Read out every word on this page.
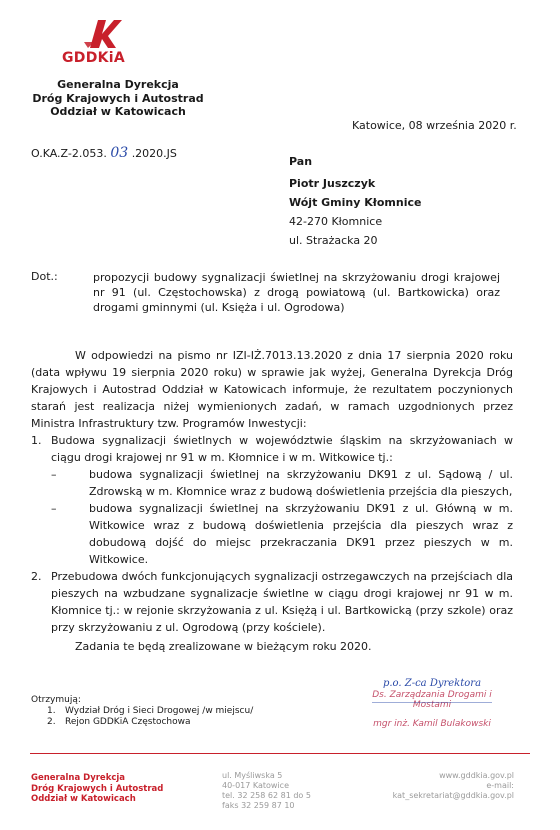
GDDKiA
Generalna Dyrekcja
Dróg Krajowych i Autostrad
Oddział w Katowicach
O.KA.Z-2.053. 03 .2020.JS
Katowice, 08 września 2020 r.
Pan
Piotr Juszczyk
Wójt Gminy Kłomnice
42-270 Kłomnice
ul. Strażacka 20
Dot.:	propozycji budowy sygnalizacji świetlnej na skrzyżowaniu drogi krajowej nr 91 (ul. Częstochowska) z drogą powiatową (ul. Bartkowicka) oraz drogami gminnymi (ul. Księża i ul. Ogrodowa)

W odpowiedzi na pismo nr IZI-IŻ.7013.13.2020 z dnia 17 sierpnia 2020 roku (data wpływu 19 sierpnia 2020 roku) w sprawie jak wyżej, Generalna Dyrekcja Dróg Krajowych i Autostrad Oddział w Katowicach informuje, że rezultatem poczynionych starań jest realizacja niżej wymienionych zadań, w ramach uzgodnionych przez Ministra Infrastruktury tzw. Programów Inwestycji:

1. Budowa sygnalizacji świetlnych w województwie śląskim na skrzyżowaniach w ciągu drogi krajowej nr 91 w m. Kłomnice i w m. Witkowice tj.:
–	budowa sygnalizacji świetlnej na skrzyżowaniu DK91 z ul. Sądową / ul. Zdrowską w m. Kłomnice wraz z budową doświetlenia przejścia dla pieszych,
–	budowa sygnalizacji świetlnej na skrzyżowaniu DK91 z ul. Główną w m. Witkowice wraz z budową doświetlenia przejścia dla pieszych wraz z dobudową dojść do miejsc przekraczania DK91 przez pieszych w m. Witkowice.
2. Przebudowa dwóch funkcjonujących sygnalizacji ostrzegawczych na przejściach dla pieszych na wzbudzane sygnalizacje świetlne w ciągu drogi krajowej nr 91 w m. Kłomnice tj.: w rejonie skrzyżowania z ul. Księżą i ul. Bartkowicką (przy szkole) oraz przy skrzyżowaniu z ul. Ogrodową (przy kościele).

Zadania te będą zrealizowane w bieżącym roku 2020.

p.o. Z-ca Dyrektora
Ds. Zarządzania Drogami i Mostami
mgr inż. Kamil Bulakowski
Otrzymują:
1. Wydział Dróg i Sieci Drogowej /w miejscu/
2. Rejon GDDKiA Częstochowa
Generalna Dyrekcja
Dróg Krajowych i Autostrad
Oddział w Katowicach
ul. Myśliwska 5
40-017 Katowice
tel. 32 258 62 81 do 5
faks 32 259 87 10
www.gddkia.gov.pl
e-mail: kat_sekretariat@gddkia.gov.pl
